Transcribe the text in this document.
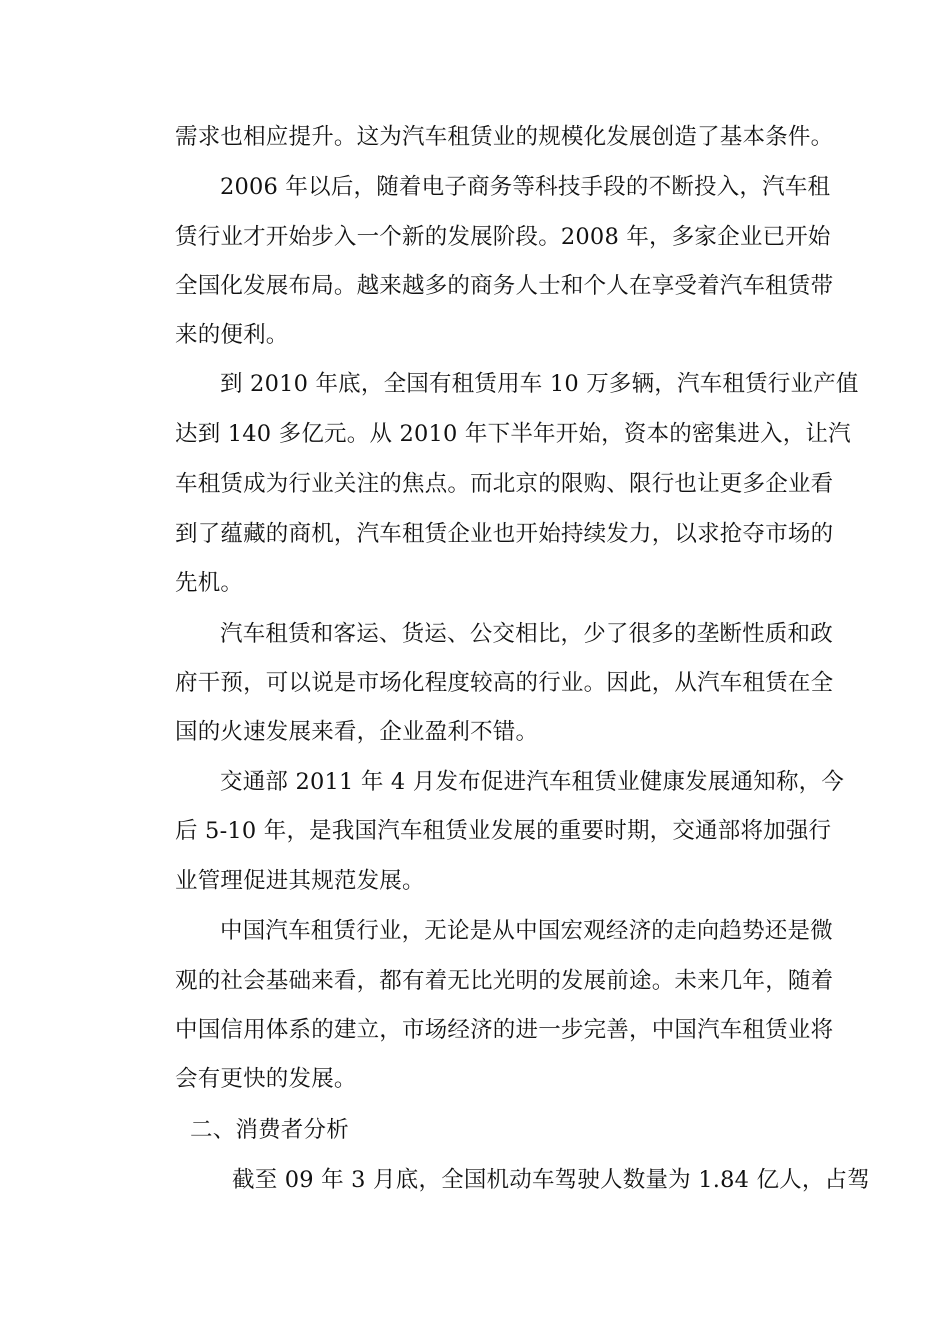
需求也相应提升。这为汽车租赁业的规模化发展创造了基本条件。
2006 年以后，随着电子商务等科技手段的不断投入，汽车租
赁行业才开始步入一个新的发展阶段。2008 年，多家企业已开始
全国化发展布局。越来越多的商务人士和个人在享受着汽车租赁带
来的便利。
到 2010 年底，全国有租赁用车 10 万多辆，汽车租赁行业产值
达到 140 多亿元。从 2010 年下半年开始，资本的密集进入，让汽
车租赁成为行业关注的焦点。而北京的限购、限行也让更多企业看
到了蕴藏的商机，汽车租赁企业也开始持续发力，以求抢夺市场的
先机。
汽车租赁和客运、货运、公交相比，少了很多的垄断性质和政
府干预，可以说是市场化程度较高的行业。因此，从汽车租赁在全
国的火速发展来看，企业盈利不错。
交通部 2011 年 4 月发布促进汽车租赁业健康发展通知称，今
后 5-10 年，是我国汽车租赁业发展的重要时期，交通部将加强行
业管理促进其规范发展。
中国汽车租赁行业，无论是从中国宏观经济的走向趋势还是微
观的社会基础来看，都有着无比光明的发展前途。未来几年，随着
中国信用体系的建立，市场经济的进一步完善，中国汽车租赁业将
会有更快的发展。
二、消费者分析
截至 09 年 3 月底，全国机动车驾驶人数量为 1.84 亿人，占驾
